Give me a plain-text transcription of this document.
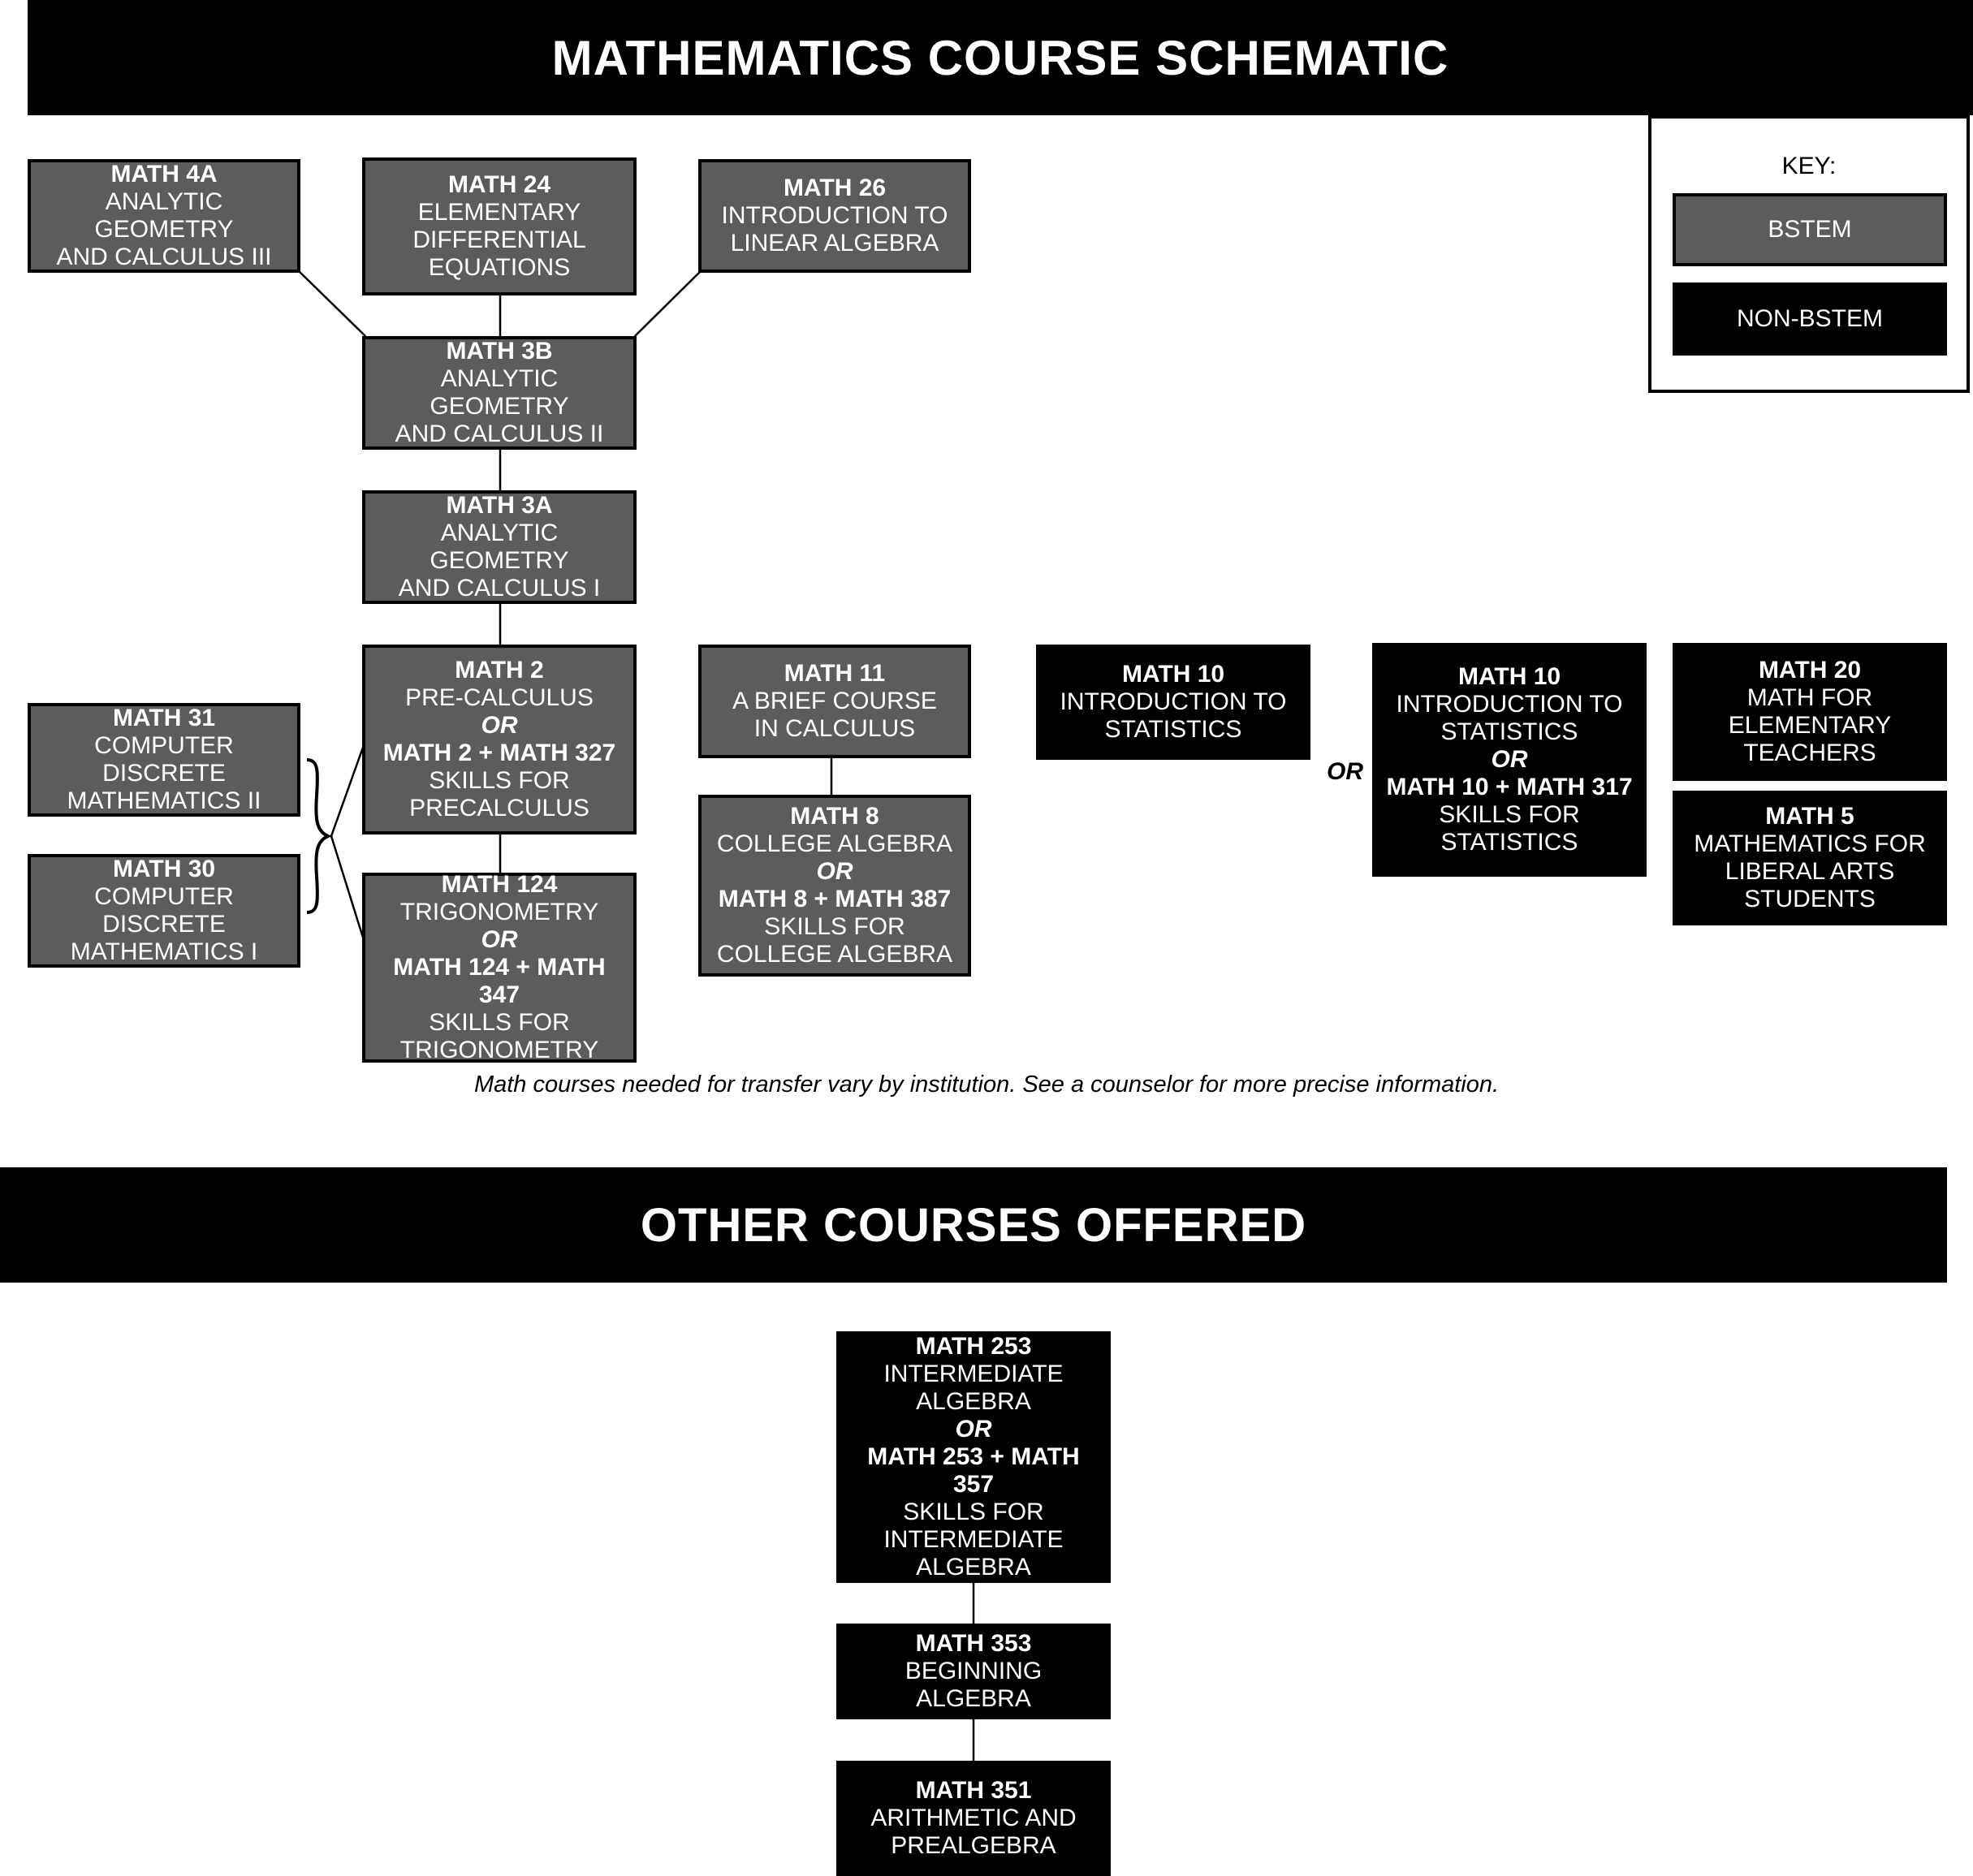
MATHEMATICS COURSE SCHEMATIC
KEY:
BSTEM
NON-BSTEM
MATH 4A
ANALYTIC GEOMETRY
AND CALCULUS III
MATH 24
ELEMENTARY
DIFFERENTIAL
EQUATIONS
MATH 26
INTRODUCTION TO
LINEAR ALGEBRA
MATH 3B
ANALYTIC GEOMETRY
AND CALCULUS II
MATH 3A
ANALYTIC GEOMETRY
AND CALCULUS I
MATH 2
PRE-CALCULUS
OR
MATH 2 + MATH 327
SKILLS FOR
PRECALCULUS
MATH 124
TRIGONOMETRY
OR
MATH 124 + MATH 347
SKILLS FOR
TRIGONOMETRY
MATH 31
COMPUTER DISCRETE
MATHEMATICS II
MATH 30
COMPUTER DISCRETE
MATHEMATICS I
MATH 11
A BRIEF COURSE
IN CALCULUS
MATH 8
COLLEGE ALGEBRA
OR
MATH 8 + MATH 387
SKILLS FOR
COLLEGE ALGEBRA
MATH 10
INTRODUCTION TO
STATISTICS
OR
MATH 10
INTRODUCTION TO
STATISTICS
OR
MATH 10 + MATH 317
SKILLS FOR
STATISTICS
MATH 20
MATH FOR
ELEMENTARY
TEACHERS
MATH 5
MATHEMATICS FOR
LIBERAL ARTS
STUDENTS
Math courses needed for transfer vary by institution. See a counselor for more precise information.
OTHER COURSES OFFERED
MATH 253
INTERMEDIATE
ALGEBRA
OR
MATH 253 + MATH 357
SKILLS FOR
INTERMEDIATE
ALGEBRA
MATH 353
BEGINNING ALGEBRA
MATH 351
ARITHMETIC AND
PREALGEBRA
